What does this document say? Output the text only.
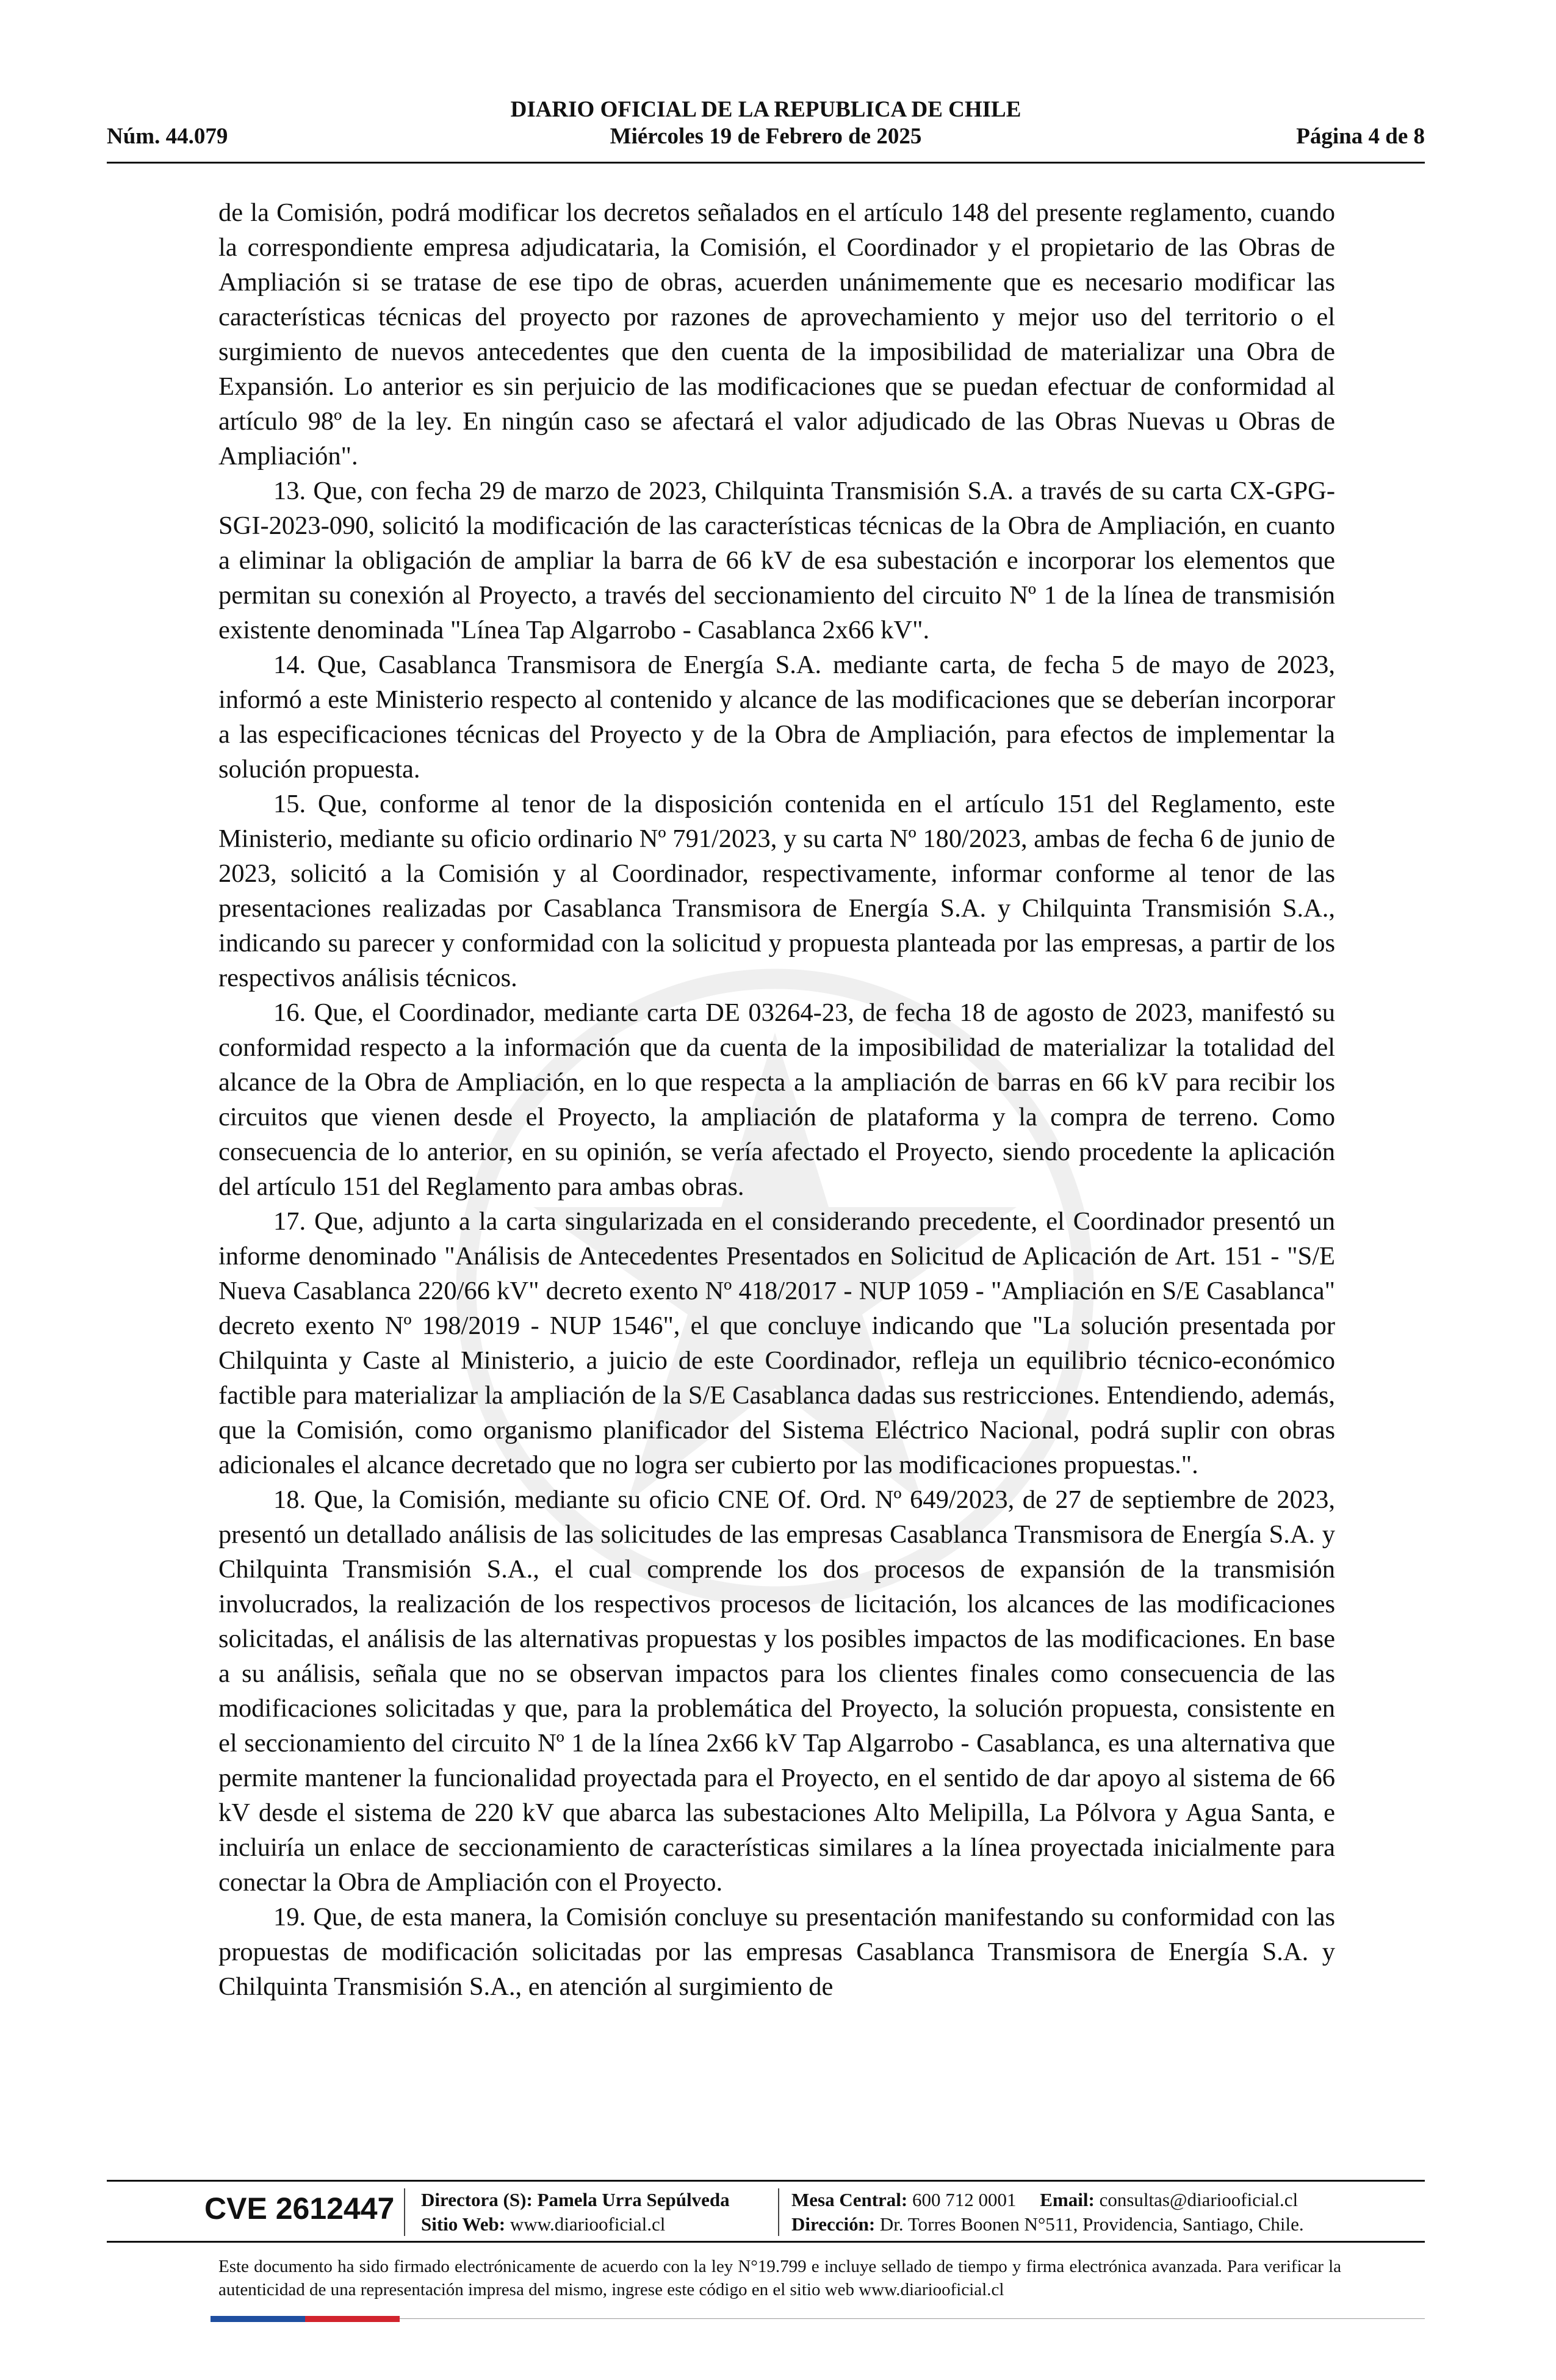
DIARIO OFICIAL DE LA REPUBLICA DE CHILE
Miércoles 19 de Febrero de 2025
Núm. 44.079	Página 4 de 8

de la Comisión, podrá modificar los decretos señalados en el artículo 148 del presente reglamento, cuando la correspondiente empresa adjudicataria, la Comisión, el Coordinador y el propietario de las Obras de Ampliación si se tratase de ese tipo de obras, acuerden unánimemente que es necesario modificar las características técnicas del proyecto por razones de aprovechamiento y mejor uso del territorio o el surgimiento de nuevos antecedentes que den cuenta de la imposibilidad de materializar una Obra de Expansión. Lo anterior es sin perjuicio de las modificaciones que se puedan efectuar de conformidad al artículo 98º de la ley. En ningún caso se afectará el valor adjudicado de las Obras Nuevas u Obras de Ampliación".

13. Que, con fecha 29 de marzo de 2023, Chilquinta Transmisión S.A. a través de su carta CX-GPG-SGI-2023-090, solicitó la modificación de las características técnicas de la Obra de Ampliación, en cuanto a eliminar la obligación de ampliar la barra de 66 kV de esa subestación e incorporar los elementos que permitan su conexión al Proyecto, a través del seccionamiento del circuito Nº 1 de la línea de transmisión existente denominada "Línea Tap Algarrobo - Casablanca 2x66 kV".

14. Que, Casablanca Transmisora de Energía S.A. mediante carta, de fecha 5 de mayo de 2023, informó a este Ministerio respecto al contenido y alcance de las modificaciones que se deberían incorporar a las especificaciones técnicas del Proyecto y de la Obra de Ampliación, para efectos de implementar la solución propuesta.

15. Que, conforme al tenor de la disposición contenida en el artículo 151 del Reglamento, este Ministerio, mediante su oficio ordinario Nº 791/2023, y su carta Nº 180/2023, ambas de fecha 6 de junio de 2023, solicitó a la Comisión y al Coordinador, respectivamente, informar conforme al tenor de las presentaciones realizadas por Casablanca Transmisora de Energía S.A. y Chilquinta Transmisión S.A., indicando su parecer y conformidad con la solicitud y propuesta planteada por las empresas, a partir de los respectivos análisis técnicos.

16. Que, el Coordinador, mediante carta DE 03264-23, de fecha 18 de agosto de 2023, manifestó su conformidad respecto a la información que da cuenta de la imposibilidad de materializar la totalidad del alcance de la Obra de Ampliación, en lo que respecta a la ampliación de barras en 66 kV para recibir los circuitos que vienen desde el Proyecto, la ampliación de plataforma y la compra de terreno. Como consecuencia de lo anterior, en su opinión, se vería afectado el Proyecto, siendo procedente la aplicación del artículo 151 del Reglamento para ambas obras.

17. Que, adjunto a la carta singularizada en el considerando precedente, el Coordinador presentó un informe denominado "Análisis de Antecedentes Presentados en Solicitud de Aplicación de Art. 151 - "S/E Nueva Casablanca 220/66 kV" decreto exento Nº 418/2017 - NUP 1059 - "Ampliación en S/E Casablanca" decreto exento Nº 198/2019 - NUP 1546", el que concluye indicando que "La solución presentada por Chilquinta y Caste al Ministerio, a juicio de este Coordinador, refleja un equilibrio técnico-económico factible para materializar la ampliación de la S/E Casablanca dadas sus restricciones. Entendiendo, además, que la Comisión, como organismo planificador del Sistema Eléctrico Nacional, podrá suplir con obras adicionales el alcance decretado que no logra ser cubierto por las modificaciones propuestas.".

18. Que, la Comisión, mediante su oficio CNE Of. Ord. Nº 649/2023, de 27 de septiembre de 2023, presentó un detallado análisis de las solicitudes de las empresas Casablanca Transmisora de Energía S.A. y Chilquinta Transmisión S.A., el cual comprende los dos procesos de expansión de la transmisión involucrados, la realización de los respectivos procesos de licitación, los alcances de las modificaciones solicitadas, el análisis de las alternativas propuestas y los posibles impactos de las modificaciones. En base a su análisis, señala que no se observan impactos para los clientes finales como consecuencia de las modificaciones solicitadas y que, para la problemática del Proyecto, la solución propuesta, consistente en el seccionamiento del circuito Nº 1 de la línea 2x66 kV Tap Algarrobo - Casablanca, es una alternativa que permite mantener la funcionalidad proyectada para el Proyecto, en el sentido de dar apoyo al sistema de 66 kV desde el sistema de 220 kV que abarca las subestaciones Alto Melipilla, La Pólvora y Agua Santa, e incluiría un enlace de seccionamiento de características similares a la línea proyectada inicialmente para conectar la Obra de Ampliación con el Proyecto.

19. Que, de esta manera, la Comisión concluye su presentación manifestando su conformidad con las propuestas de modificación solicitadas por las empresas Casablanca Transmisora de Energía S.A. y Chilquinta Transmisión S.A., en atención al surgimiento de

CVE 2612447 Directora (S): Pamela Urra Sepúlveda
Sitio Web: www.diariooficial.cl
Mesa Central: 600 712 0001 Email: consultas@diariooficial.cl
Dirección: Dr. Torres Boonen N°511, Providencia, Santiago, Chile.
Este documento ha sido firmado electrónicamente de acuerdo con la ley N°19.799 e incluye sellado de tiempo y firma electrónica avanzada. Para verificar la autenticidad de una representación impresa del mismo, ingrese este código en el sitio web www.diariooficial.cl
